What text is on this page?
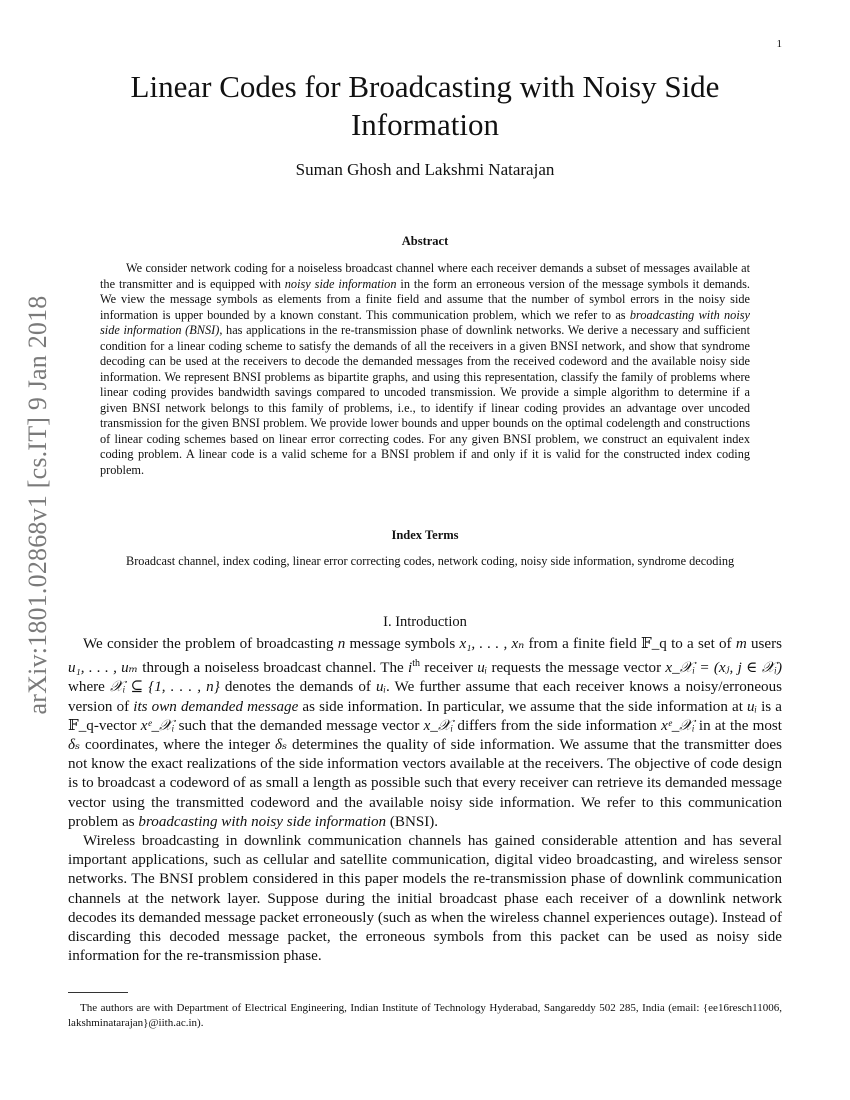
1
arXiv:1801.02868v1 [cs.IT] 9 Jan 2018
Linear Codes for Broadcasting with Noisy Side Information
Suman Ghosh and Lakshmi Natarajan
Abstract

We consider network coding for a noiseless broadcast channel where each receiver demands a subset of messages available at the transmitter and is equipped with noisy side information in the form an erroneous version of the message symbols it demands. We view the message symbols as elements from a finite field and assume that the number of symbol errors in the noisy side information is upper bounded by a known constant. This communication problem, which we refer to as broadcasting with noisy side information (BNSI), has applications in the re-transmission phase of downlink networks. We derive a necessary and sufficient condition for a linear coding scheme to satisfy the demands of all the receivers in a given BNSI network, and show that syndrome decoding can be used at the receivers to decode the demanded messages from the received codeword and the available noisy side information. We represent BNSI problems as bipartite graphs, and using this representation, classify the family of problems where linear coding provides bandwidth savings compared to uncoded transmission. We provide a simple algorithm to determine if a given BNSI network belongs to this family of problems, i.e., to identify if linear coding provides an advantage over uncoded transmission for the given BNSI problem. We provide lower bounds and upper bounds on the optimal codelength and constructions of linear coding schemes based on linear error correcting codes. For any given BNSI problem, we construct an equivalent index coding problem. A linear code is a valid scheme for a BNSI problem if and only if it is valid for the constructed index coding problem.

Index Terms

Broadcast channel, index coding, linear error correcting codes, network coding, noisy side information, syndrome decoding

I. Introduction

We consider the problem of broadcasting n message symbols x₁, . . . , xₙ from a finite field 𝔽_q to a set of m users u₁, . . . , uₘ through a noiseless broadcast channel. The $i^{th}$ receiver uᵢ requests the message vector x_𝒳ᵢ = (xⱼ, j ∈ 𝒳ᵢ) where 𝒳ᵢ ⊆ {1, . . . , n} denotes the demands of uᵢ. We further assume that each receiver knows a noisy/erroneous version of its own demanded message as side information. In particular, we assume that the side information at uᵢ is a 𝔽_q-vector xᵉ_𝒳ᵢ such that the demanded message vector x_𝒳ᵢ differs from the side information xᵉ_𝒳ᵢ in at the most δₛ coordinates, where the integer δₛ determines the quality of side information. We assume that the transmitter does not know the exact realizations of the side information vectors available at the receivers. The objective of code design is to broadcast a codeword of as small a length as possible such that every receiver can retrieve its demanded message vector using the transmitted codeword and the available noisy side information. We refer to this communication problem as broadcasting with noisy side information (BNSI).

Wireless broadcasting in downlink communication channels has gained considerable attention and has several important applications, such as cellular and satellite communication, digital video broadcasting, and wireless sensor networks. The BNSI problem considered in this paper models the re-transmission phase of downlink communication channels at the network layer. Suppose during the initial broadcast phase each receiver of a downlink network decodes its demanded message packet erroneously (such as when the wireless channel experiences outage). Instead of discarding this decoded message packet, the erroneous symbols from this packet can be used as noisy side information for the re-transmission phase.

The authors are with Department of Electrical Engineering, Indian Institute of Technology Hyderabad, Sangareddy 502 285, India (email: {ee16resch11006, lakshminatarajan}@iith.ac.in).
